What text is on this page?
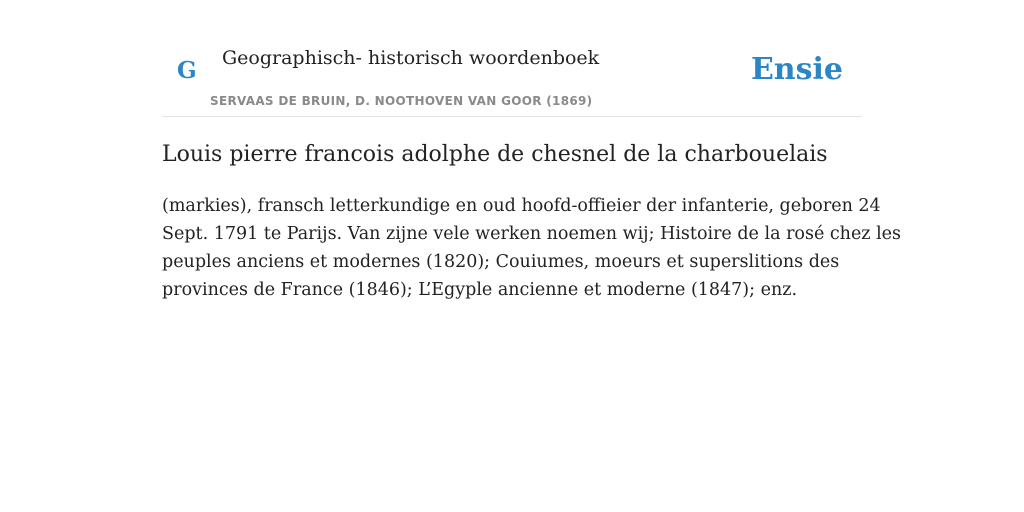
G Geographisch- historisch woordenboek
SERVAAS DE BRUIN, D. NOOTHOVEN VAN GOOR (1869)
Ensie
Louis pierre francois adolphe de chesnel de la charbouelais

(markies), fransch letterkundige en oud hoofd-offieier der infanterie, geboren 24
Sept. 1791 te Parijs. Van zijne vele werken noemen wij; Histoire de la rosé chez les
peuples anciens et modernes (1820); Couiumes, moeurs et superslitions des
provinces de France (1846); L’Egyple ancienne et moderne (1847); enz.
